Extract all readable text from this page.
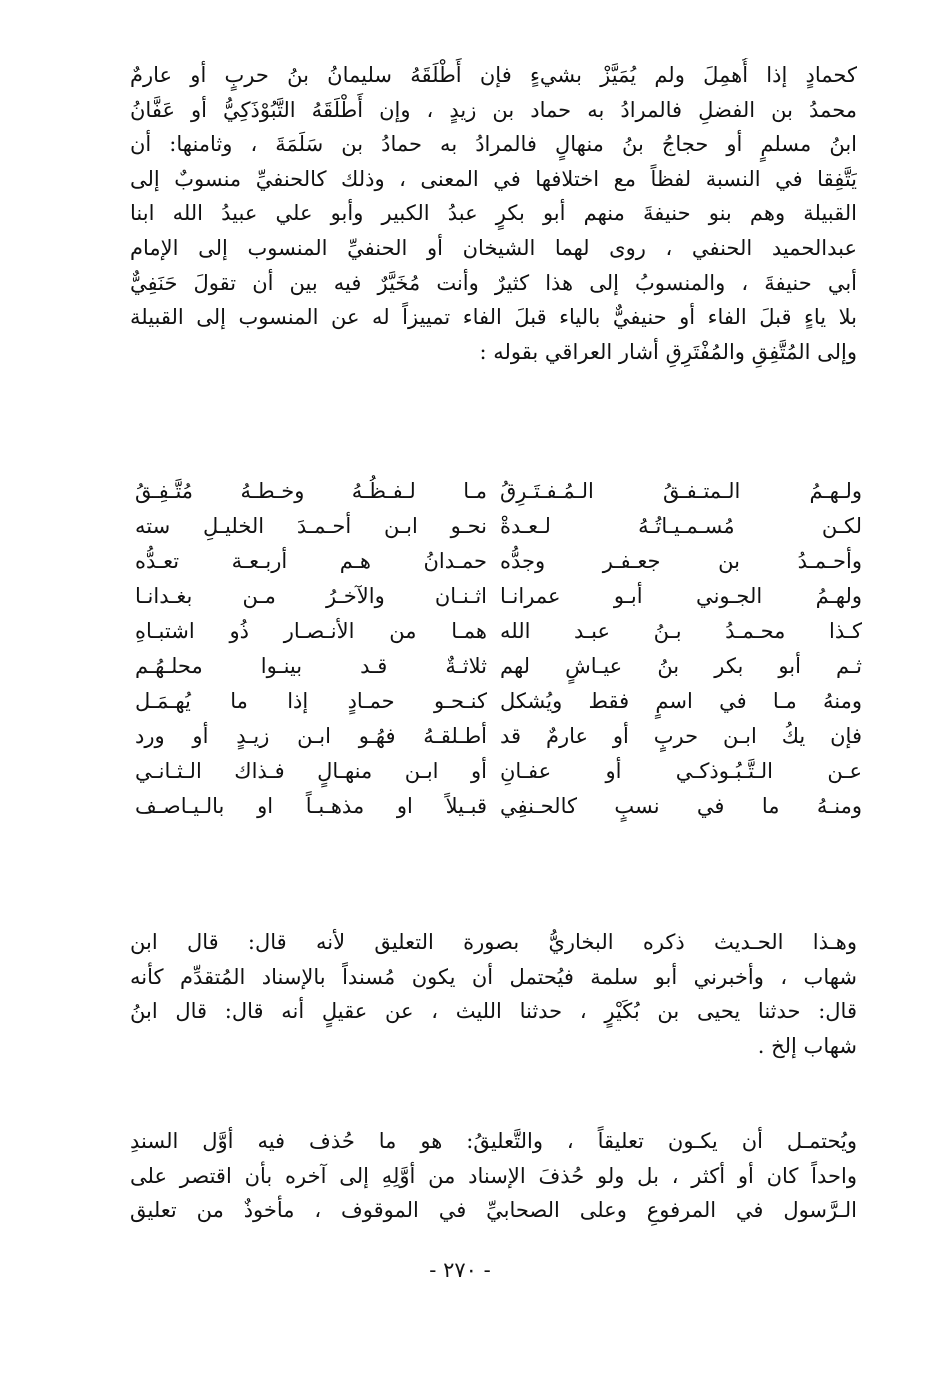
كحمادٍ إذا أُهمِلَ ولم يُمَيَّزْ بشيءٍ فإن أَطْلَقَهُ سليمانُ بنُ حربٍ أو عارمٌ
محمدُ بن الفضلِ فالمرادُ به حماد بن زيدٍ ، وإن أَطْلَقَهُ التَّبُوْذَكِيُّ أو عَفَّانُ
ابنُ مسلمٍ أو حجاجُ بنُ منهالٍ فالمرادُ به حمادُ بن سَلَمَةَ ، وثامنها: أن
يَتَّفِقا في النسبة لفظاً مع اختلافها في المعنى ، وذلك كالحنفيِّ منسوبٌ إلى
القبيلة وهم بنو حنيفةَ منهم أبو بكرٍ عبدُ الكبير وأبو علي عبيدُ الله ابنا
عبدالحميد الحنفي ، روى لهما الشيخان أو الحنفيِّ المنسوب إلى الإمام
أبي حنيفةَ ، والمنسوبُ إلى هذا كثيرٌ وأنت مُخَيَّرٌ فيه بين أن تقولَ حَنَفِيٌّ
بلا ياءٍ قبلَ الفاء أو حنيفيٌّ بالياء قبلَ الفاء تمييزاً له عن المنسوب إلى القبيلة
وإلى المُتَّفِقِ والمُفْتَرِقِ أشار العراقي بقوله :
ولـهـمُ الـمتـفـقُ الـمُـفـتَـرِقُ
مـا لـفـظُـهُ وخـطـهُ مُتَّـفِـقُ
لكـن مُسـمـيـاتُـهُ لـعـدةْ
نحـو ابـن أحـمـدَ الخليـلِ سته
وأحـمـدُ بن جعـفـر وجدُّه
حمـدانُ هـم أربـعـة تعـدُّه
ولهـمُ الجـوني أبـو عمرانـا
اثـنـان والآخـرُ مـن بغـدانـا
كـذا محـمـدُ بـنُ عبـد الله
همـا من الأنـصـار ذُو اشتبـاهِ
ثـم أبو بكر بنُ عيـاشٍ لهم
ثلاثـةٌ قـد بينـوا محلـهُـم
ومنهُ مـا في اسمٍ فقط ويُشكل
كنـحـو حمـادٍ إذا ما يُهـمَـل
فإن يكُ ابـن حربٍ أو عارمٌ قد
أطـلقـهُ فهُـو ابـن زيـدٍ أو ورد
عـن الـتَّـبُـوذكـي أو عفـانِ
أو ابـن منهـالٍ فـذاك الـثـانـي
ومنـهُ ما في نسبٍ كالحـنفِي
قبـيلاً او مذهـبـاً او بالـيـاصـف
وهـذا الحـديث ذكره البخاريُّ بصورة التعليق لأنه قال: قال ابن
شهاب ، وأخبرني أبو سلمة فيُحتمل أن يكون مُسنداً بالإسناد المُتقدِّم كأنه
قال: حدثنا يحيى بن بُكَيْرٍ ، حدثنا الليث ، عن عقيلٍ أنه قال: قال ابنُ
شهاب إلخ .
ويُحتمـل أن يكـون تعليقاً ، والتَّعليقُ: هو ما حُذف فيه أوَّل السندِ
واحداً كان أو أكثر ، بل ولو حُذفَ الإسناد من أوَّلِهِ إلى آخره بأن اقتصر على
الـرَّسول في المرفوعِ وعلى الصحابيِّ في الموقوف ، مأخوذٌ من تعليق
- ٢٧٠ -
